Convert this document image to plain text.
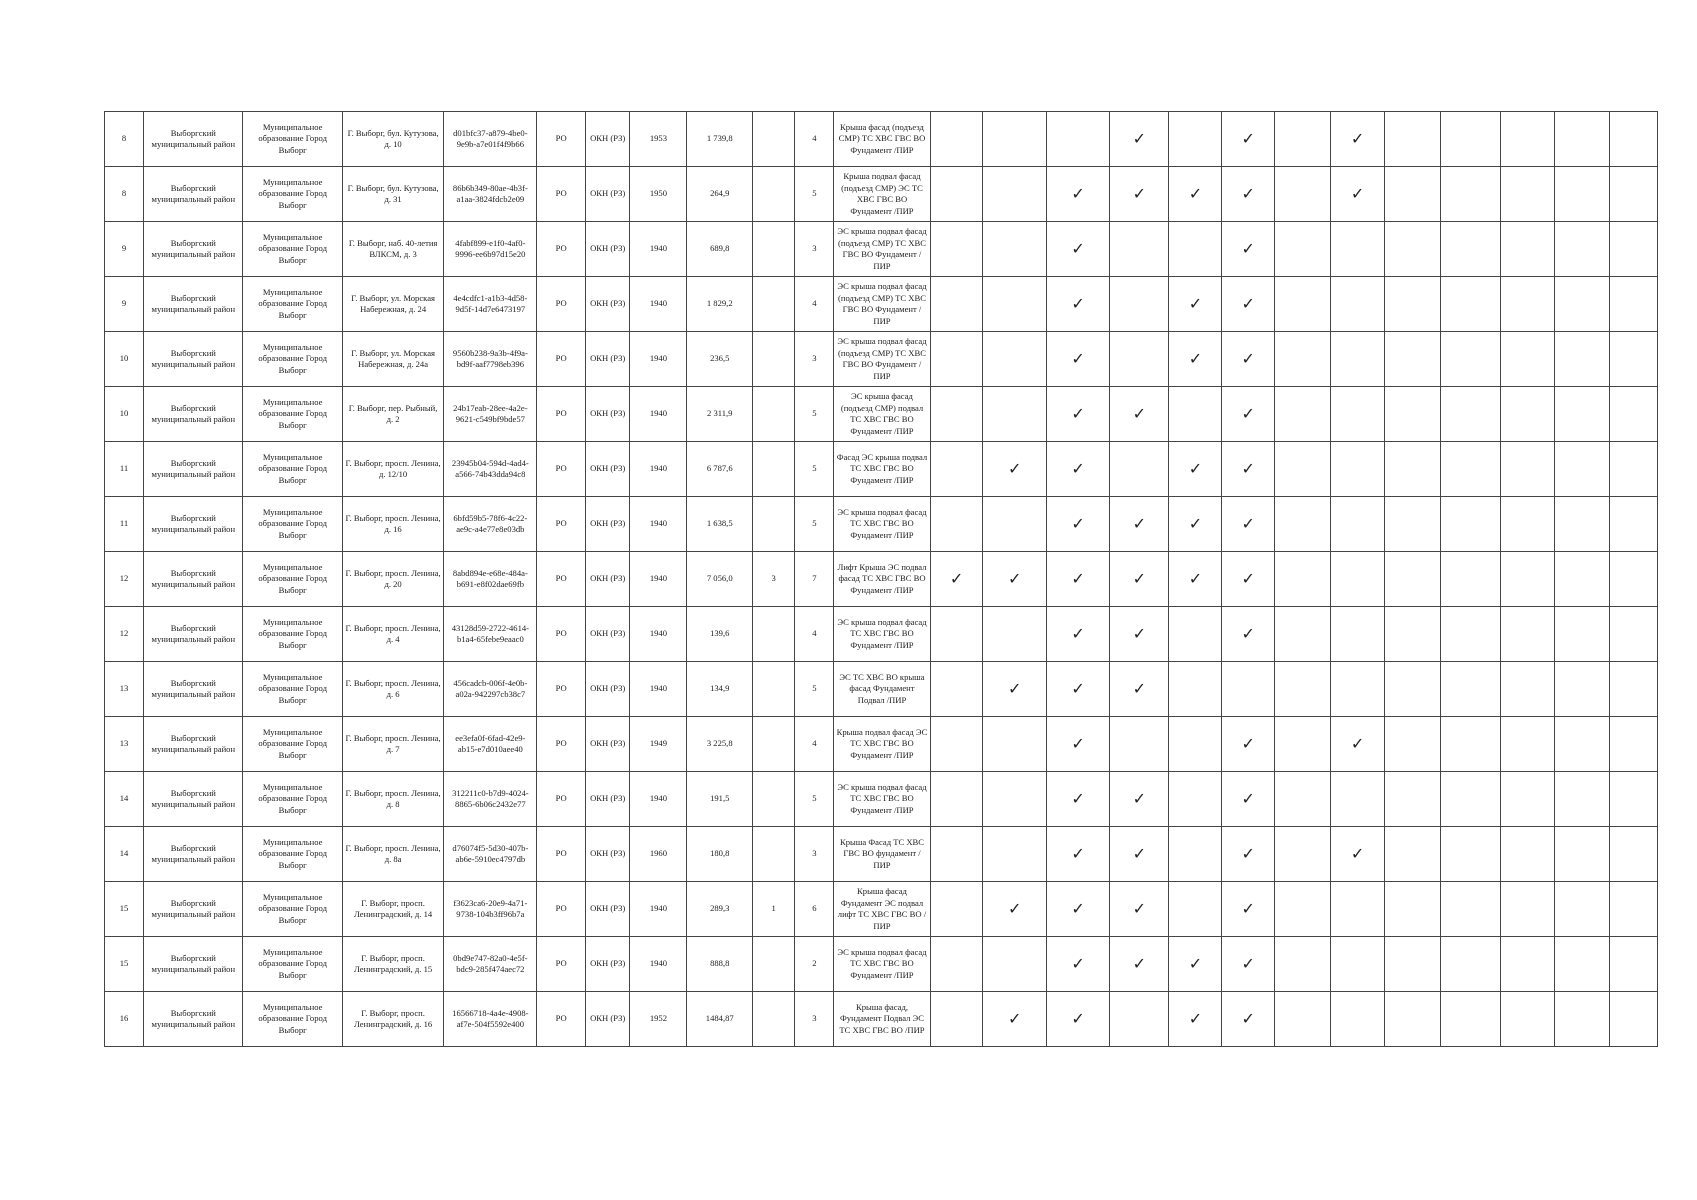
8	Выборгский муниципальный район	Муниципальное образование Город Выборг	Г. Выборг, бул. Кутузова, д. 10	d01bfc37-a879-4be0-9e9b-a7e01f4f9b66	РО	ОКН (РЗ)	1953	1 739,8		4	Крыша фасад (подъезд СМР) ТС ХВС ГВС ВО Фундамент /ПИР				✓		✓		✓					
8	Выборгский муниципальный район	Муниципальное образование Город Выборг	Г. Выборг, бул. Кутузова, д. 31	86b6b349-80ae-4b3f-a1aa-3824fdcb2e09	РО	ОКН (РЗ)	1950	264,9		5	Крыша подвал фасад (подъезд СМР) ЭС ТС ХВС ГВС ВО Фундамент /ПИР			✓	✓	✓	✓		✓					
9	Выборгский муниципальный район	Муниципальное образование Город Выборг	Г. Выборг, наб. 40-летия ВЛКСМ, д. 3	4fabf899-e1f0-4af0-9996-ee6b97d15e20	РО	ОКН (РЗ)	1940	689,8		3	ЭС крыша подвал фасад (подъезд СМР) ТС ХВС ГВС ВО Фундамент /ПИР			✓			✓							
9	Выборгский муниципальный район	Муниципальное образование Город Выборг	Г. Выборг, ул. Морская Набережная, д. 24	4e4cdfc1-a1b3-4d58-9d5f-14d7e6473197	РО	ОКН (РЗ)	1940	1 829,2		4	ЭС крыша подвал фасад (подъезд СМР) ТС ХВС ГВС ВО Фундамент /ПИР			✓		✓	✓							
10	Выборгский муниципальный район	Муниципальное образование Город Выборг	Г. Выборг, ул. Морская Набережная, д. 24а	9560b238-9a3b-4f9a-bd9f-aaf7798eb396	РО	ОКН (РЗ)	1940	236,5		3	ЭС крыша подвал фасад (подъезд СМР) ТС ХВС ГВС ВО Фундамент /ПИР			✓		✓	✓							
10	Выборгский муниципальный район	Муниципальное образование Город Выборг	Г. Выборг, пер. Рыбный, д. 2	24b17eab-28ee-4a2e-9621-c549bf9bde57	РО	ОКН (РЗ)	1940	2 311,9		5	ЭС крыша фасад (подъезд СМР) подвал ТС ХВС ГВС ВО Фундамент /ПИР			✓	✓		✓							
11	Выборгский муниципальный район	Муниципальное образование Город Выборг	Г. Выборг, просп. Ленина, д. 12/10	23945b04-594d-4ad4-a566-74b43dda94c8	РО	ОКН (РЗ)	1940	6 787,6		5	Фасад ЭС крыша подвал ТС ХВС ГВС ВО Фундамент /ПИР		✓	✓		✓	✓							
11	Выборгский муниципальный район	Муниципальное образование Город Выборг	Г. Выборг, просп. Ленина, д. 16	6bfd59b5-78f6-4c22-ae9c-a4e77e8e03db	РО	ОКН (РЗ)	1940	1 638,5		5	ЭС крыша подвал фасад ТС ХВС ГВС ВО Фундамент /ПИР			✓	✓	✓	✓							
12	Выборгский муниципальный район	Муниципальное образование Город Выборг	Г. Выборг, просп. Ленина, д. 20	8abd894e-e68e-484a-b691-e8f02dae69fb	РО	ОКН (РЗ)	1940	7 056,0	3	7	Лифт Крыша ЭС подвал фасад ТС ХВС ГВС ВО Фундамент /ПИР	✓	✓	✓	✓	✓	✓							
12	Выборгский муниципальный район	Муниципальное образование Город Выборг	Г. Выборг, просп. Ленина, д. 4	43128d59-2722-4614-b1a4-65febe9eaac0	РО	ОКН (РЗ)	1940	139,6		4	ЭС крыша подвал фасад ТС ХВС ГВС ВО Фундамент /ПИР			✓	✓		✓							
13	Выборгский муниципальный район	Муниципальное образование Город Выборг	Г. Выборг, просп. Ленина, д. 6	456cadcb-006f-4e0b-a02a-942297cb38c7	РО	ОКН (РЗ)	1940	134,9		5	ЭС ТС ХВС ВО крыша фасад Фундамент Подвал /ПИР		✓	✓	✓									
13	Выборгский муниципальный район	Муниципальное образование Город Выборг	Г. Выборг, просп. Ленина, д. 7	ee3efa0f-6fad-42e9-ab15-e7d010aee40	РО	ОКН (РЗ)	1949	3 225,8		4	Крыша подвал фасад ЭС ТС ХВС ГВС ВО Фундамент /ПИР			✓			✓		✓					
14	Выборгский муниципальный район	Муниципальное образование Город Выборг	Г. Выборг, просп. Ленина, д. 8	312211c0-b7d9-4024-8865-6b06c2432e77	РО	ОКН (РЗ)	1940	191,5		5	ЭС крыша подвал фасад ТС ХВС ГВС ВО Фундамент /ПИР			✓	✓		✓							
14	Выборгский муниципальный район	Муниципальное образование Город Выборг	Г. Выборг, просп. Ленина, д. 8а	d76074f5-5d30-407b-ab6e-5910ec4797db	РО	ОКН (РЗ)	1960	180,8		3	Крыша Фасад ТС ХВС ГВС ВО фундамент /ПИР			✓	✓		✓		✓					
15	Выборгский муниципальный район	Муниципальное образование Город Выборг	Г. Выборг, просп. Ленинградский, д. 14	f3623ca6-20e9-4a71-9738-104b3ff96b7a	РО	ОКН (РЗ)	1940	289,3	1	6	Крыша фасад Фундамент ЭС подвал лифт ТС ХВС ГВС ВО /ПИР		✓	✓	✓		✓							
15	Выборгский муниципальный район	Муниципальное образование Город Выборг	Г. Выборг, просп. Ленинградский, д. 15	0bd9e747-82a0-4e5f-bdc9-285f474aec72	РО	ОКН (РЗ)	1940	888,8		2	ЭС крыша подвал фасад ТС ХВС ГВС ВО Фундамент /ПИР			✓	✓	✓	✓							
16	Выборгский муниципальный район	Муниципальное образование Город Выборг	Г. Выборг, просп. Ленинградский, д. 16	16566718-4a4e-4908-af7e-504f5592e400	РО	ОКН (РЗ)	1952	1484,87		3	Крыша фасад, Фундамент Подвал ЭС ТС ХВС ГВС ВО /ПИР		✓	✓		✓	✓							
